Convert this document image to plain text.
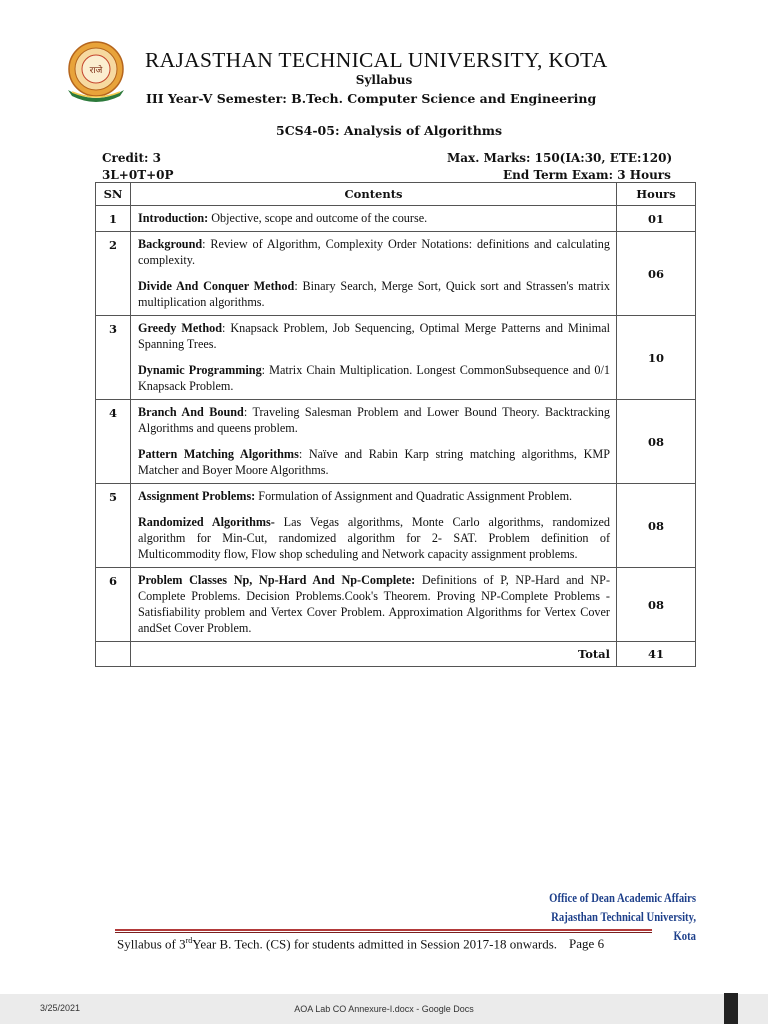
राजे RAJASTHAN TECHNICAL UNIVERSITY, KOTA
Syllabus
III Year-V Semester: B.Tech. Computer Science and Engineering
5CS4-05: Analysis of Algorithms
Credit: 3
3L+0T+0P
Max. Marks: 150(IA:30, ETE:120)
End Term Exam: 3 Hours
SN	Contents	Hours
1	Introduction: Objective, scope and outcome of the course.	01
2	Background: Review of Algorithm, Complexity Order Notations: definitions and calculating complexity.

Divide And Conquer Method: Binary Search, Merge Sort, Quick sort and Strassen's matrix multiplication algorithms.	06
3	Greedy Method: Knapsack Problem, Job Sequencing, Optimal Merge Patterns and Minimal Spanning Trees.

Dynamic Programming: Matrix Chain Multiplication. Longest CommonSubsequence and 0/1 Knapsack Problem.	10
4	Branch And Bound: Traveling Salesman Problem and Lower Bound Theory. Backtracking Algorithms and queens problem.

Pattern Matching Algorithms: Naïve and Rabin Karp string matching algorithms, KMP Matcher and Boyer Moore Algorithms.	08
5	Assignment Problems: Formulation of Assignment and Quadratic Assignment Problem.

Randomized Algorithms- Las Vegas algorithms, Monte Carlo algorithms, randomized algorithm for Min-Cut, randomized algorithm for 2- SAT. Problem definition of Multicommodity flow, Flow shop scheduling and Network capacity assignment problems.	08
6	Problem Classes Np, Np-Hard And Np-Complete: Definitions of P, NP-Hard and NP-Complete Problems. Decision Problems.Cook's Theorem. Proving NP-Complete Problems - Satisfiability problem and Vertex Cover Problem. Approximation Algorithms for Vertex Cover andSet Cover Problem.	08
	Total	41
Office of Dean Academic Affairs
Rajasthan Technical University, Kota
Syllabus of 3rdYear B. Tech. (CS) for students admitted in Session 2017-18 onwards. Page 6
3/25/2021	AOA Lab CO Annexure-I.docx - Google Docs
